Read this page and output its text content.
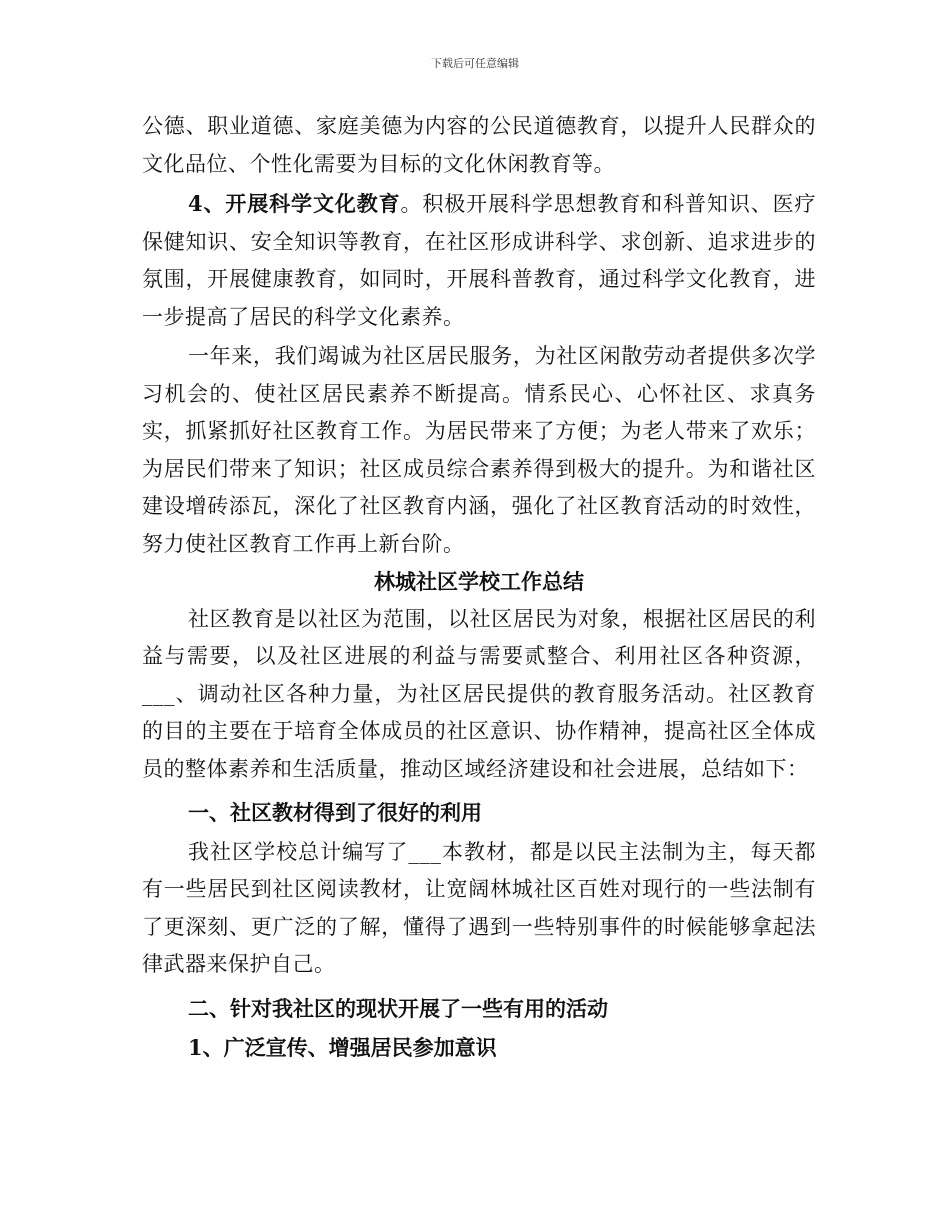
下载后可任意编辑

公德、职业道德、家庭美德为内容的公民道德教育，以提升人民群众的文化品位、个性化需要为目标的文化休闲教育等。

4、开展科学文化教育。积极开展科学思想教育和科普知识、医疗保健知识、安全知识等教育，在社区形成讲科学、求创新、追求进步的氛围，开展健康教育，如同时，开展科普教育，通过科学文化教育，进一步提高了居民的科学文化素养。

一年来，我们竭诚为社区居民服务，为社区闲散劳动者提供多次学习机会的、使社区居民素养不断提高。情系民心、心怀社区、求真务实，抓紧抓好社区教育工作。为居民带来了方便；为老人带来了欢乐；为居民们带来了知识；社区成员综合素养得到极大的提升。为和谐社区建设增砖添瓦，深化了社区教育内涵，强化了社区教育活动的时效性，努力使社区教育工作再上新台阶。

林城社区学校工作总结

社区教育是以社区为范围，以社区居民为对象，根据社区居民的利益与需要，以及社区进展的利益与需要贰整合、利用社区各种资源，___、调动社区各种力量，为社区居民提供的教育服务活动。社区教育的目的主要在于培育全体成员的社区意识、协作精神，提高社区全体成员的整体素养和生活质量，推动区域经济建设和社会进展，总结如下：

一、社区教材得到了很好的利用

我社区学校总计编写了___本教材，都是以民主法制为主，每天都有一些居民到社区阅读教材，让宽阔林城社区百姓对现行的一些法制有了更深刻、更广泛的了解，懂得了遇到一些特别事件的时候能够拿起法律武器来保护自己。

二、针对我社区的现状开展了一些有用的活动

1、广泛宣传、增强居民参加意识
